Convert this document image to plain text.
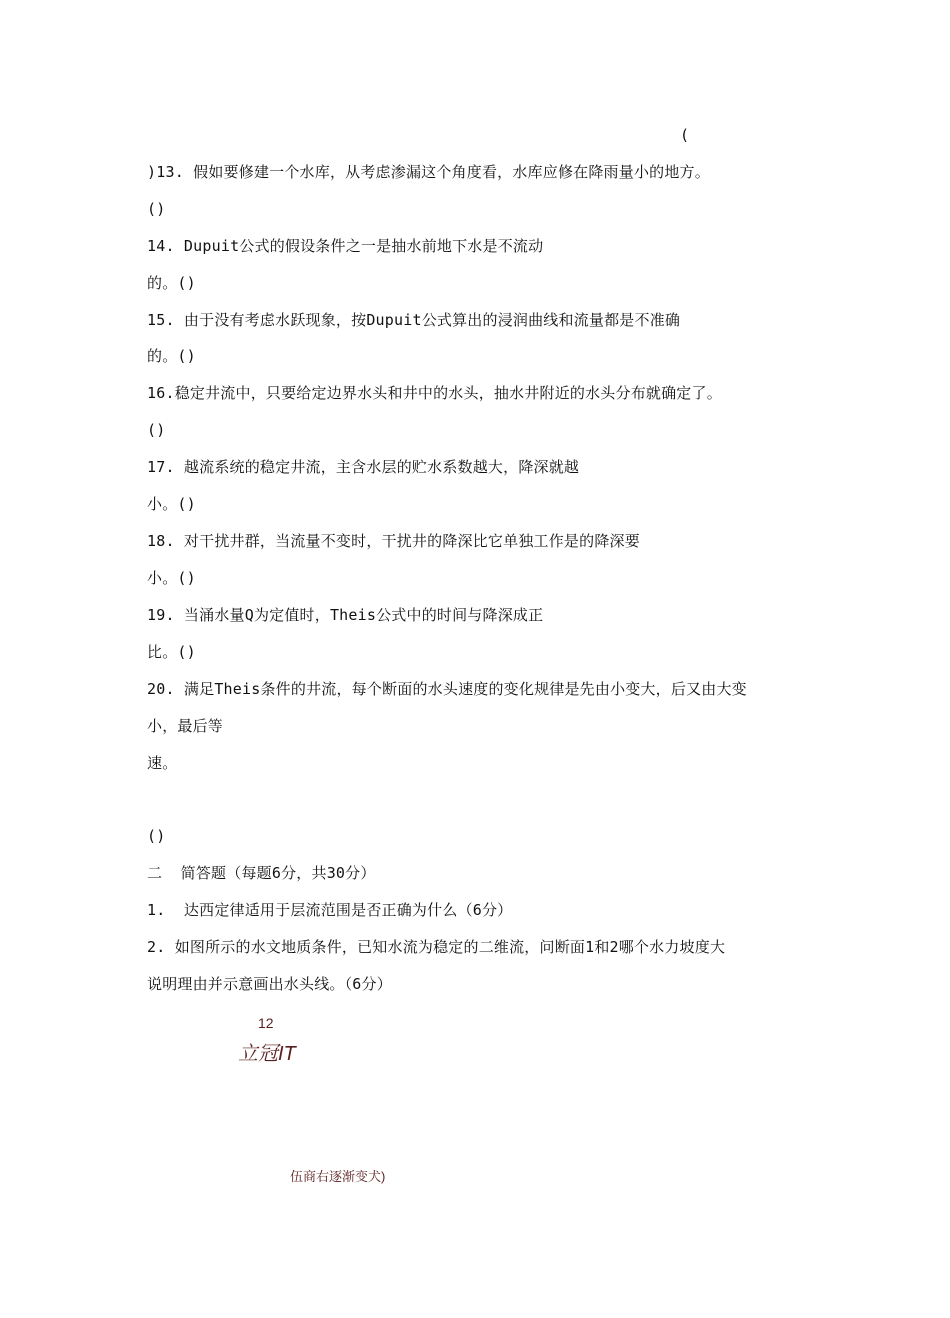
(
)13. 假如要修建一个水库，从考虑渗漏这个角度看，水库应修在降雨量小的地方。
()
14. Dupuit公式的假设条件之一是抽水前地下水是不流动
的。()
15. 由于没有考虑水跃现象，按Dupuit公式算出的浸润曲线和流量都是不准确
的。()
16.稳定井流中，只要给定边界水头和井中的水头，抽水井附近的水头分布就确定了。
()
17. 越流系统的稳定井流，主含水层的贮水系数越大，降深就越
小。()
18. 对干扰井群，当流量不变时，干扰井的降深比它单独工作是的降深要
小。()
19. 当涌水量Q为定值时，Theis公式中的时间与降深成正
比。()
20. 满足Theis条件的井流，每个断面的水头速度的变化规律是先由小变大，后又由大变
小，最后等
速。
()
二  简答题（每题6分，共30分）
1.  达西定律适用于层流范围是否正确为什么（6分）
2. 如图所示的水文地质条件，已知水流为稳定的二维流，问断面1和2哪个水力坡度大
说明理由并示意画出水头线。（6分）
12
立冠IT
伍商右逐渐变犬)
